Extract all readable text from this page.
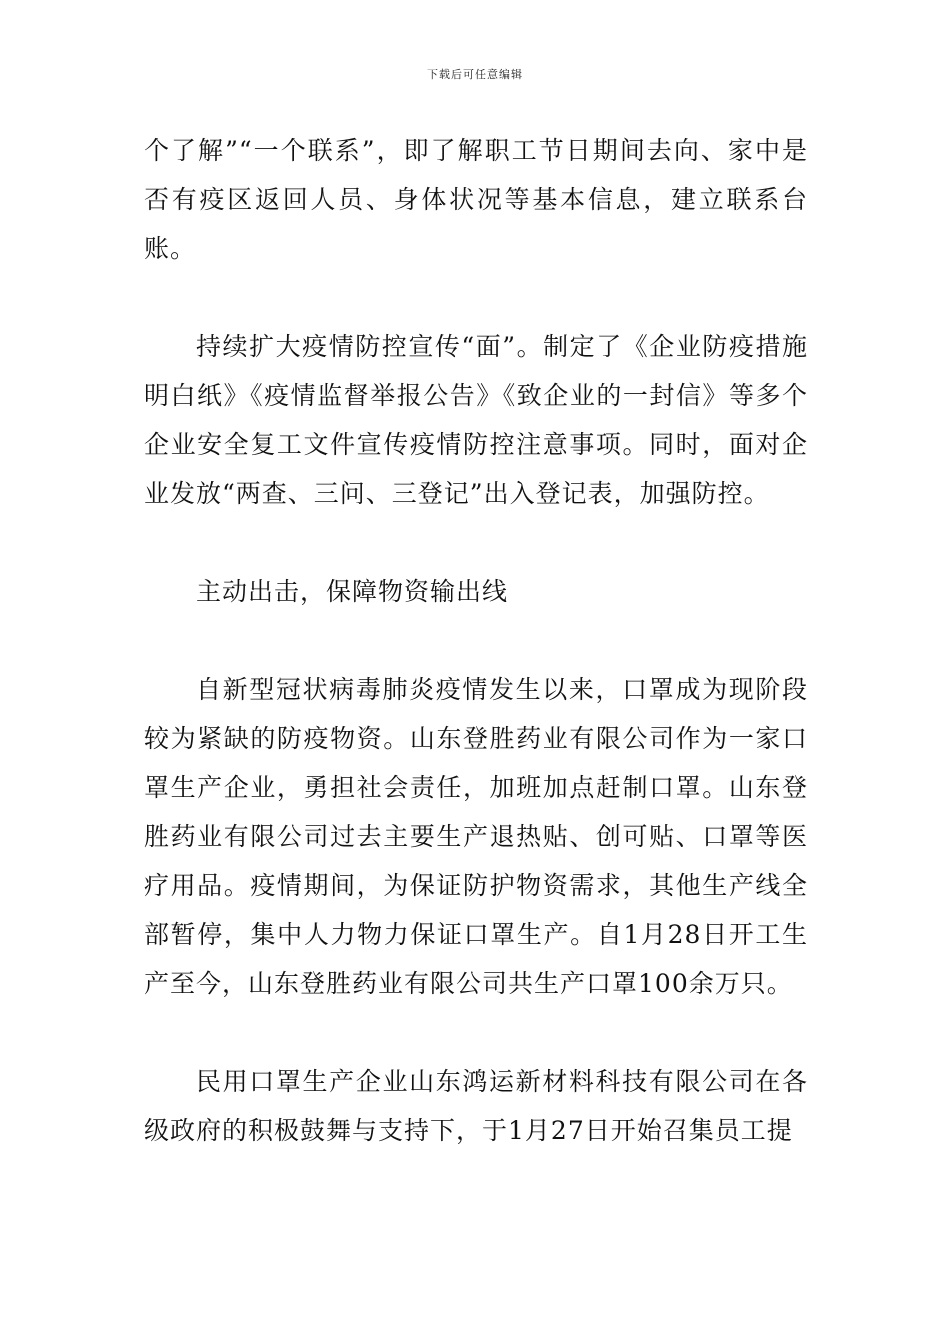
下载后可任意编辑

个了解”“一个联系”，即了解职工节日期间去向、家中是否有疫区返回人员、身体状况等基本信息，建立联系台账。

持续扩大疫情防控宣传“面”。制定了《企业防疫措施明白纸》《疫情监督举报公告》《致企业的一封信》等多个企业安全复工文件宣传疫情防控注意事项。同时，面对企业发放“两查、三问、三登记”出入登记表，加强防控。

主动出击，保障物资输出线

自新型冠状病毒肺炎疫情发生以来，口罩成为现阶段较为紧缺的防疫物资。山东登胜药业有限公司作为一家口罩生产企业，勇担社会责任，加班加点赶制口罩。山东登胜药业有限公司过去主要生产退热贴、创可贴、口罩等医疗用品。疫情期间，为保证防护物资需求，其他生产线全部暂停，集中人力物力保证口罩生产。自1月28日开工生产至今，山东登胜药业有限公司共生产口罩100余万只。

民用口罩生产企业山东鸿运新材料科技有限公司在各级政府的积极鼓舞与支持下，于1月27日开始召集员工提
